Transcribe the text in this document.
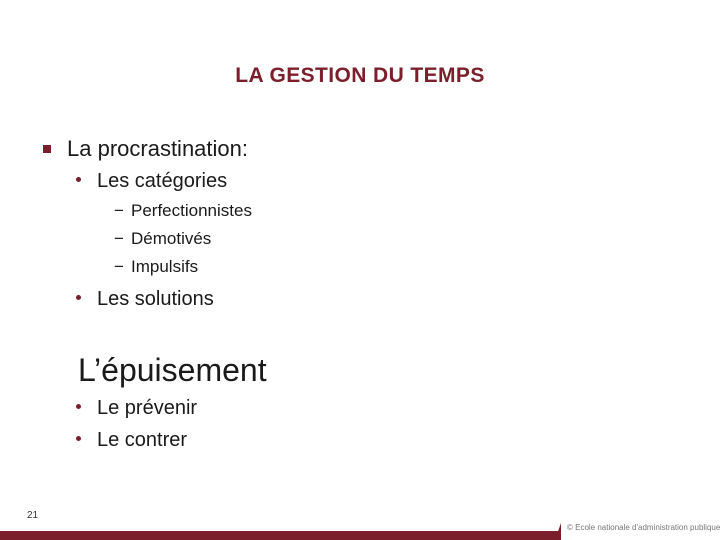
LA GESTION DU TEMPS
La procrastination:
Les catégories
− Perfectionnistes
− Démotivés
− Impulsifs
Les solutions
L’épuisement
Le prévenir
Le contrer
21
© Ecole nationale d'administration publique
